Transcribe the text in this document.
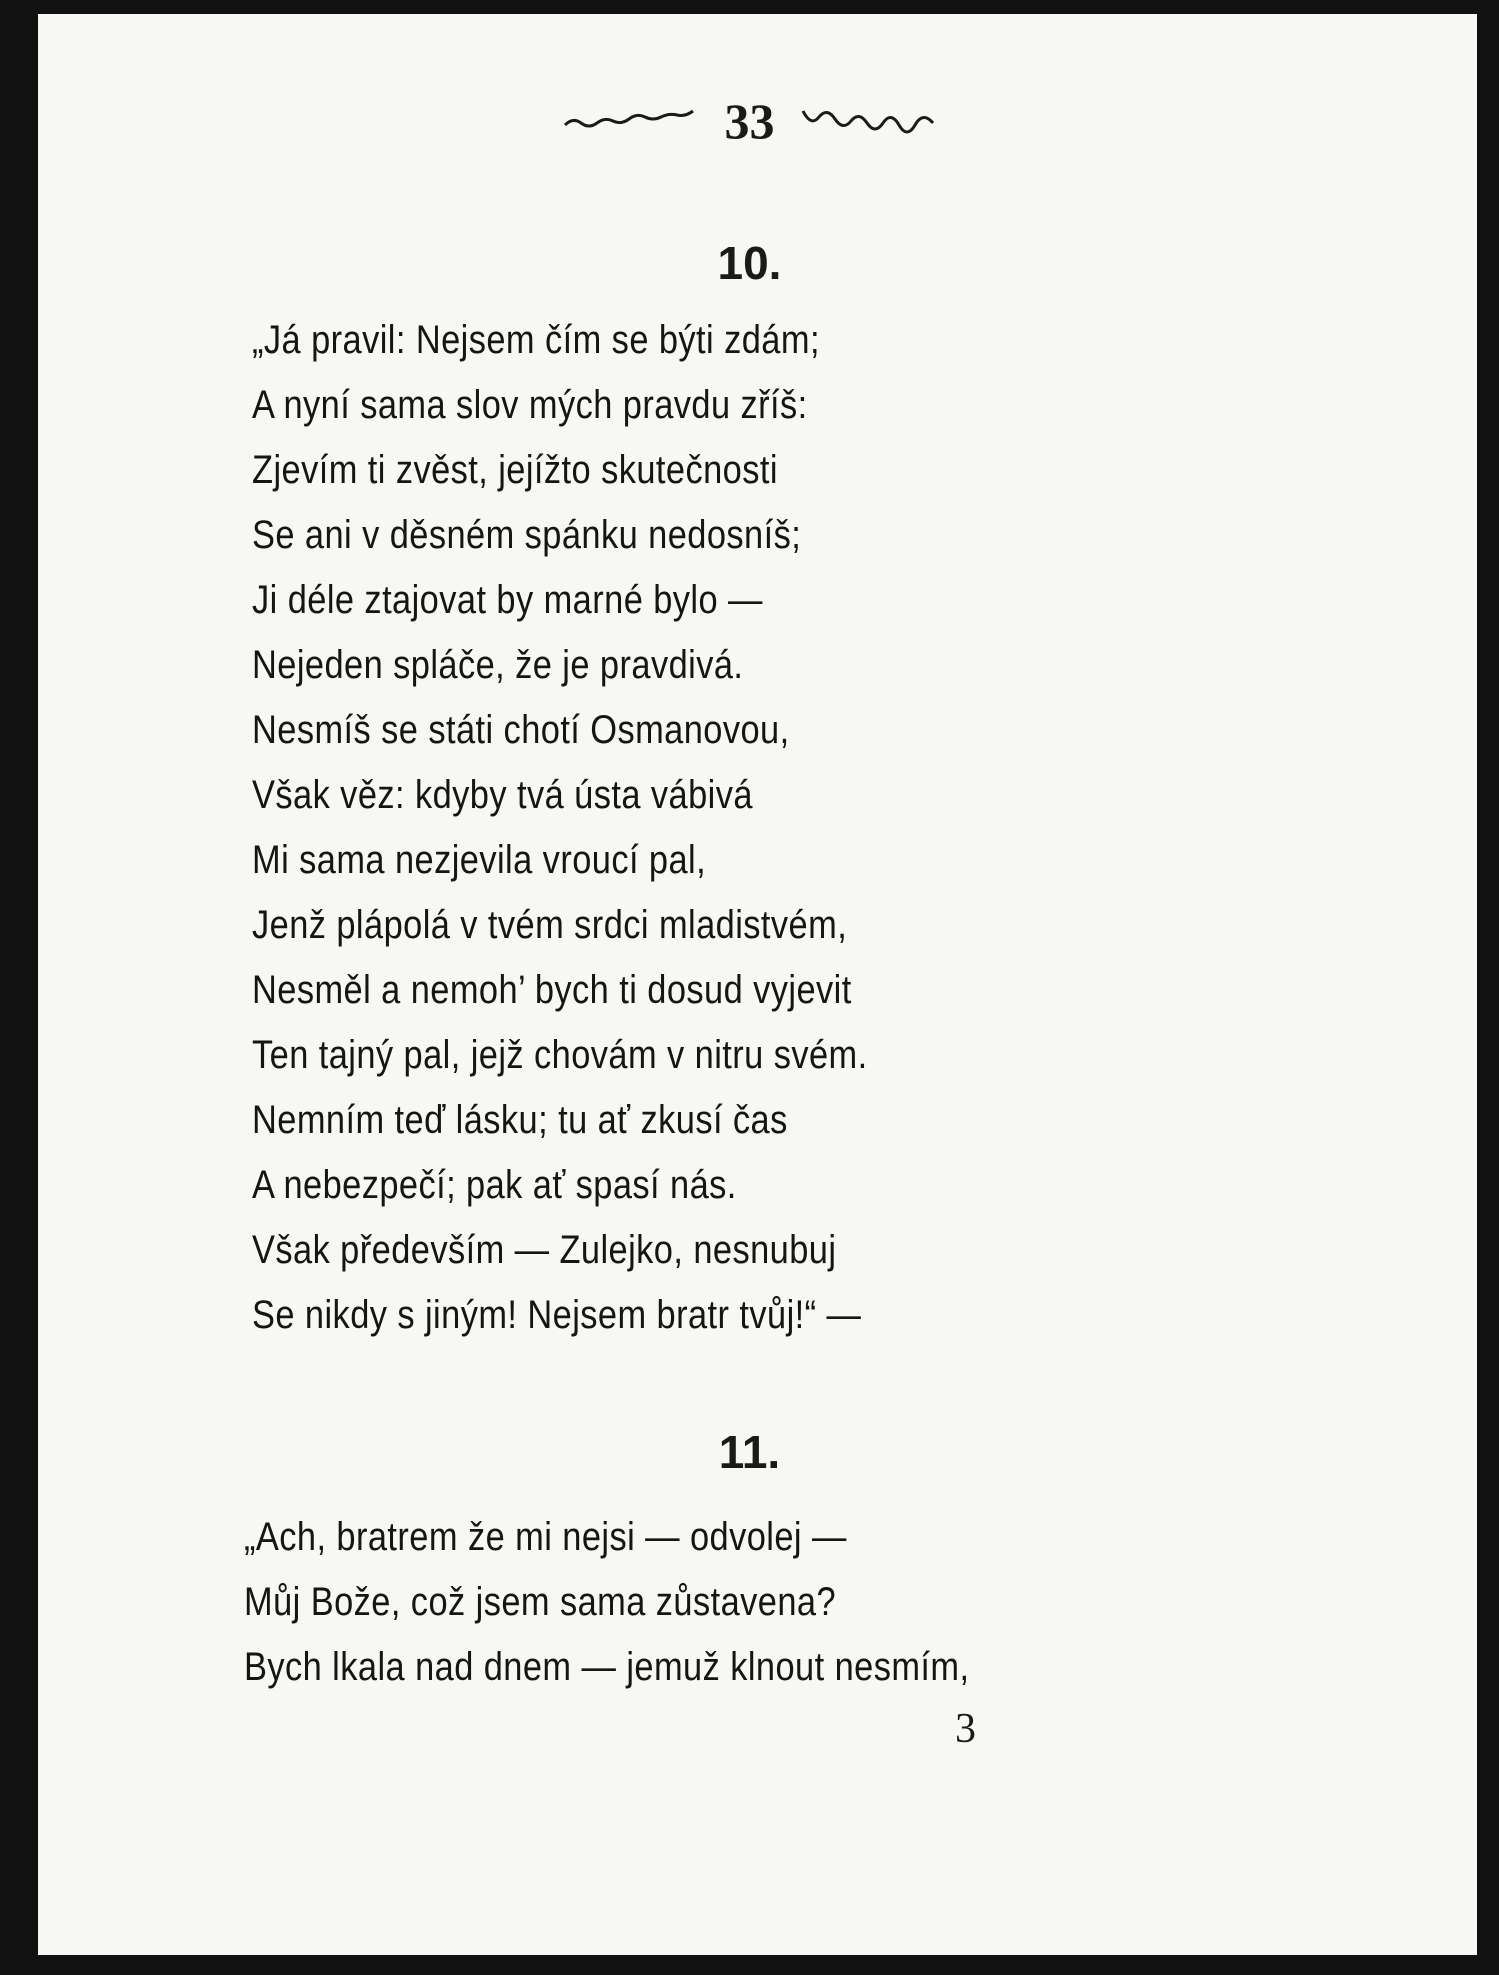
33
10.
„Já pravil: Nejsem čím se býti zdám;
A nyní sama slov mých pravdu zříš:
Zjevím ti zvěst, jejížto skutečnosti
Se ani v děsném spánku nedosníš;
Ji déle ztajovat by marné bylo —
Nejeden spláče, že je pravdivá.
Nesmíš se státi chotí Osmanovou,
Však věz: kdyby tvá ústa vábivá
Mi sama nezjevila vroucí pal,
Jenž plápolá v tvém srdci mladistvém,
Nesměl a nemoh’ bych ti dosud vyjevit
Ten tajný pal, jejž chovám v nitru svém.
Nemním teď lásku; tu ať zkusí čas
A nebezpečí; pak ať spasí nás.
Však především — Zulejko, nesnubuj
Se nikdy s jiným! Nejsem bratr tvůj!“ —
11.
„Ach, bratrem že mi nejsi — odvolej —
Můj Bože, což jsem sama zůstavena?
Bych lkala nad dnem — jemuž klnout nesmím,
3
